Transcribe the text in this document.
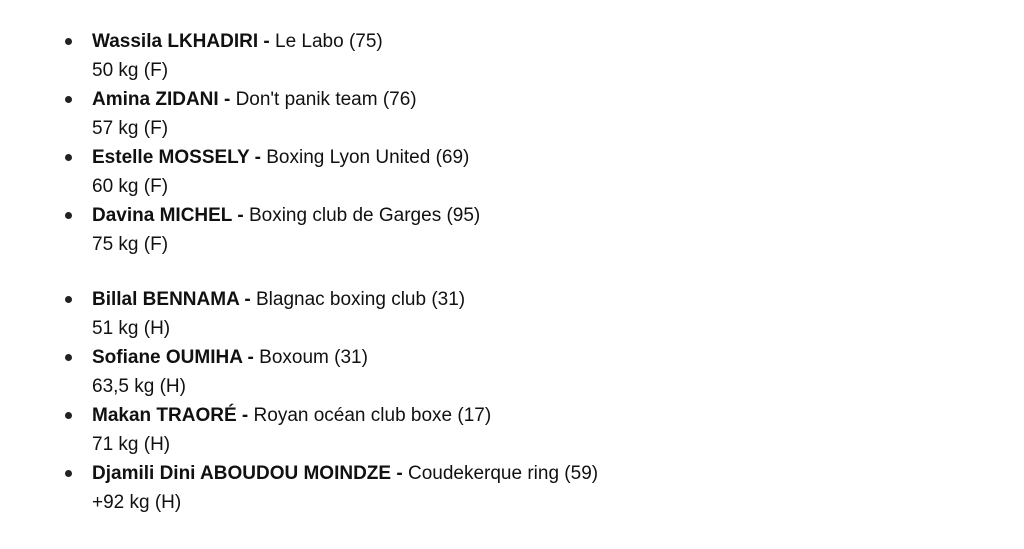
Wassila LKHADIRI - Le Labo (75)
50 kg (F)
Amina ZIDANI - Don't panik team (76)
57 kg (F)
Estelle MOSSELY - Boxing Lyon United (69)
60 kg (F)
Davina MICHEL - Boxing club de Garges (95)
75 kg (F)
Billal BENNAMA - Blagnac boxing club (31)
51 kg (H)
Sofiane OUMIHA - Boxoum (31)
63,5 kg (H)
Makan TRAORÉ - Royan océan club boxe (17)
71 kg (H)
Djamili Dini ABOUDOU MOINDZE - Coudekerque ring (59)
+92 kg (H)
